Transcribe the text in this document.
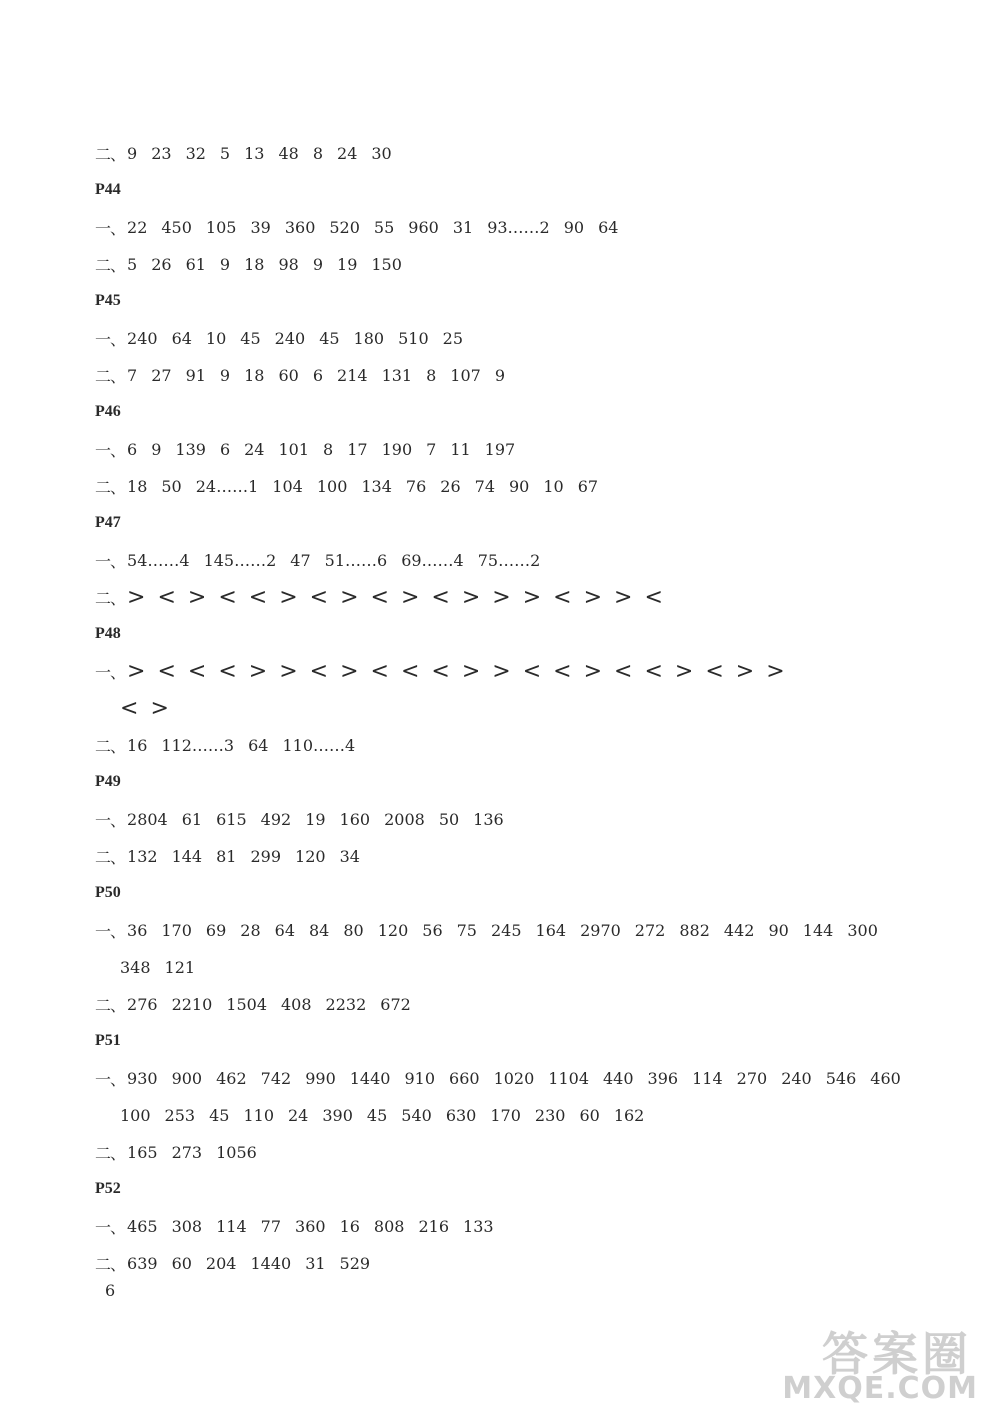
二、 9 23 32 5 13 48 8 24 30
P44
一、 22 450 105 39 360 520 55 960 31 93……2 90 64
二、 5 26 61 9 18 98 9 19 150
P45
一、 240 64 10 45 240 45 180 510 25
二、 7 27 91 9 18 60 6 214 131 8 107 9
P46
一、 6 9 139 6 24 101 8 17 190 7 11 197
二、 18 50 24……1 104 100 134 76 26 74 90 10 67
P47
一、 54……4 145……2 47 51……6 69……4 75……2
二、 > < > < < > < > < > < > > > < > > <
P48
一、 > < < < > > < > < < < > > < < > < < > < > >
< >
二、 16 112……3 64 110……4
P49
一、 2804 61 615 492 19 160 2008 50 136
二、 132 144 81 299 120 34
P50
一、 36 170 69 28 64 84 80 120 56 75 245 164 2970 272 882 442 90 144 300
348 121
二、 276 2210 1504 408 2232 672
P51
一、 930 900 462 742 990 1440 910 660 1020 1104 440 396 114 270 240 546 460
100 253 45 110 24 390 45 540 630 170 230 60 162
二、 165 273 1056
P52
一、 465 308 114 77 360 16 808 216 133
二、 639 60 204 1440 31 529
6
答案圈
MXQE.COM
